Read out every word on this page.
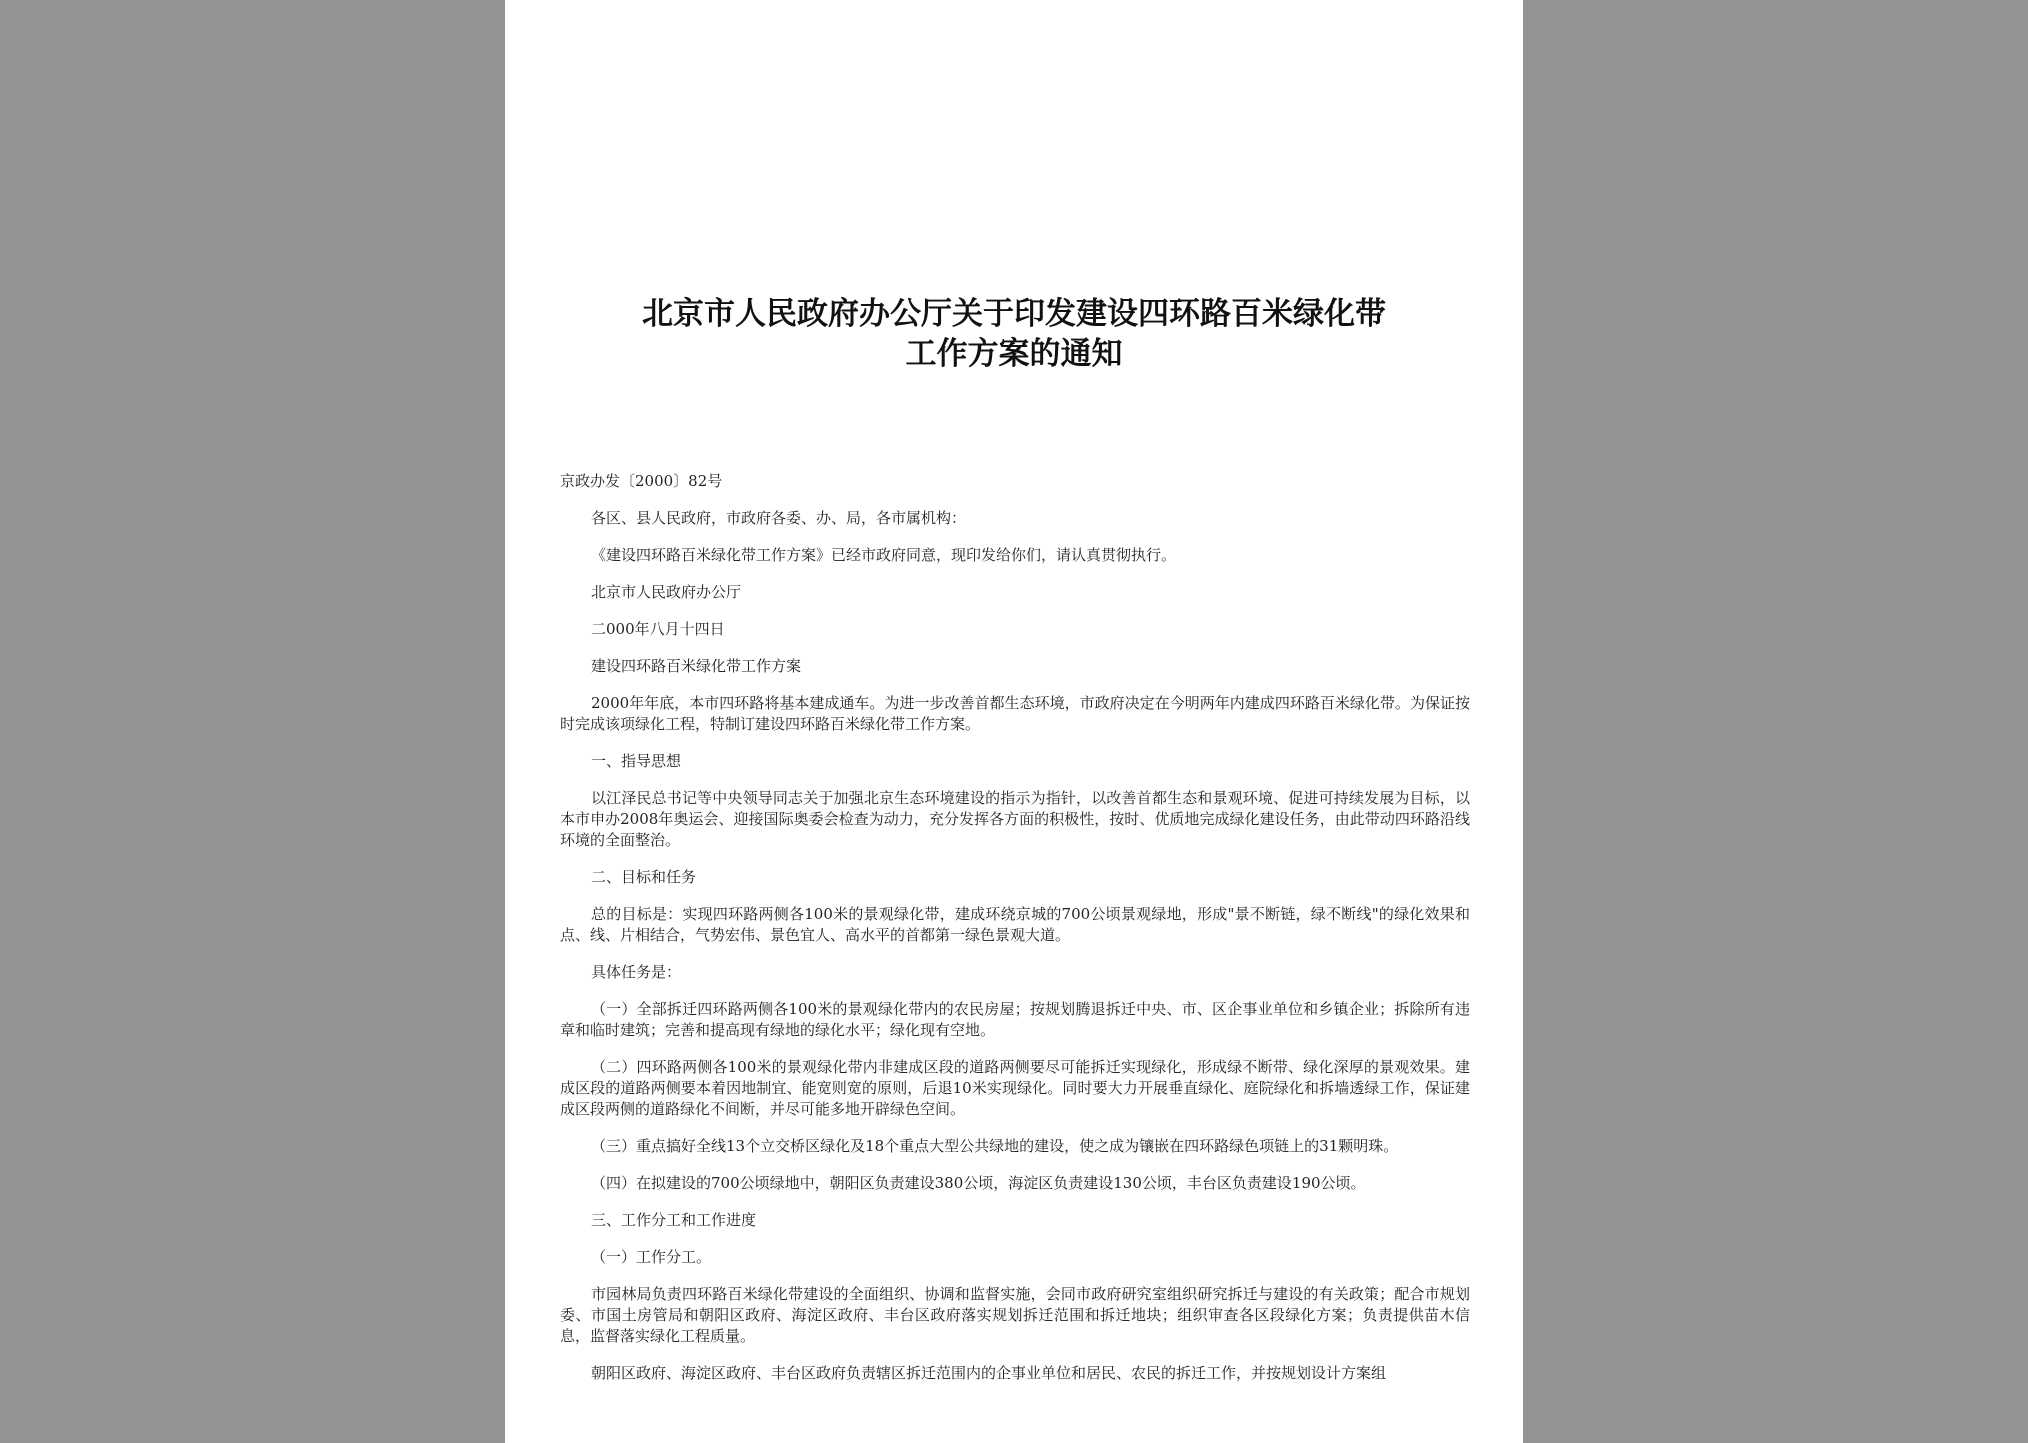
北京市人民政府办公厅关于印发建设四环路百米绿化带
工作方案的通知
京政办发〔2000〕82号
各区、县人民政府，市政府各委、办、局，各市属机构：
《建设四环路百米绿化带工作方案》已经市政府同意，现印发给你们，请认真贯彻执行。
北京市人民政府办公厅
二000年八月十四日
建设四环路百米绿化带工作方案
2000年年底，本市四环路将基本建成通车。为进一步改善首都生态环境，市政府决定在今明两年内建成四环路百米绿化带。为保证按时完成该项绿化工程，特制订建设四环路百米绿化带工作方案。
一、指导思想
以江泽民总书记等中央领导同志关于加强北京生态环境建设的指示为指针，以改善首都生态和景观环境、促进可持续发展为目标，以本市申办2008年奥运会、迎接国际奥委会检查为动力，充分发挥各方面的积极性，按时、优质地完成绿化建设任务，由此带动四环路沿线环境的全面整治。
二、目标和任务
总的目标是：实现四环路两侧各100米的景观绿化带，建成环绕京城的700公顷景观绿地，形成"景不断链，绿不断线"的绿化效果和点、线、片相结合，气势宏伟、景色宜人、高水平的首都第一绿色景观大道。
具体任务是：
（一）全部拆迁四环路两侧各100米的景观绿化带内的农民房屋；按规划腾退拆迁中央、市、区企事业单位和乡镇企业；拆除所有违章和临时建筑；完善和提高现有绿地的绿化水平；绿化现有空地。
（二）四环路两侧各100米的景观绿化带内非建成区段的道路两侧要尽可能拆迁实现绿化，形成绿不断带、绿化深厚的景观效果。建成区段的道路两侧要本着因地制宜、能宽则宽的原则，后退10米实现绿化。同时要大力开展垂直绿化、庭院绿化和拆墙透绿工作，保证建成区段两侧的道路绿化不间断，并尽可能多地开辟绿色空间。
（三）重点搞好全线13个立交桥区绿化及18个重点大型公共绿地的建设，使之成为镶嵌在四环路绿色项链上的31颗明珠。
（四）在拟建设的700公顷绿地中，朝阳区负责建设380公顷，海淀区负责建设130公顷，丰台区负责建设190公顷。
三、工作分工和工作进度
（一）工作分工。
市园林局负责四环路百米绿化带建设的全面组织、协调和监督实施，会同市政府研究室组织研究拆迁与建设的有关政策；配合市规划委、市国土房管局和朝阳区政府、海淀区政府、丰台区政府落实规划拆迁范围和拆迁地块；组织审查各区段绿化方案；负责提供苗木信息，监督落实绿化工程质量。
朝阳区政府、海淀区政府、丰台区政府负责辖区拆迁范围内的企事业单位和居民、农民的拆迁工作，并按规划设计方案组
